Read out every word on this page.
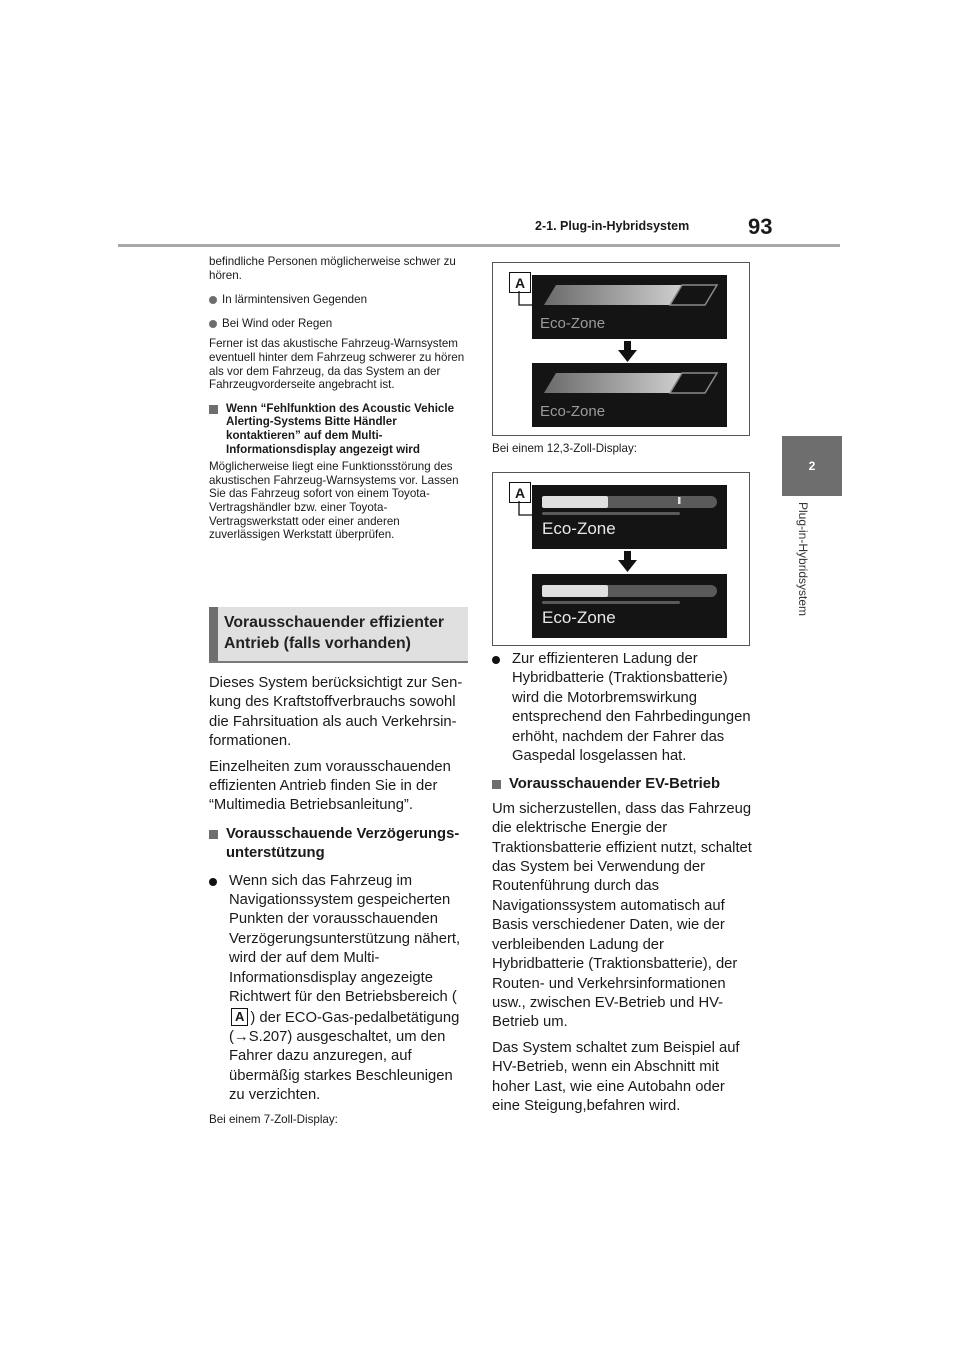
2-1. Plug-in-Hybridsystem	93
2
Plug-in-Hybridsystem

befindliche Personen möglicherweise schwer zu hören.

In lärmintensiven Gegenden
Bei Wind oder Regen

Ferner ist das akustische Fahrzeug-Warnsystem eventuell hinter dem Fahrzeug schwerer zu hören als vor dem Fahrzeug, da das System an der Fahrzeugvorderseite angebracht ist.

Wenn “Fehlfunktion des Acoustic Vehicle Alerting-Systems Bitte Händler kontaktieren” auf dem Multi-Informationsdisplay angezeigt wird

Möglicherweise liegt eine Funktionsstörung des akustischen Fahrzeug-Warnsystems vor. Lassen Sie das Fahrzeug sofort von einem Toyota-Vertragshändler bzw. einer Toyota-Vertragswerkstatt oder einer anderen zuverlässigen Werkstatt überprüfen.

Vorausschauender effizienter Antrieb (falls vorhanden)

Dieses System berücksichtigt zur Sen-kung des Kraftstoffverbrauchs sowohl die Fahrsituation als auch Verkehrsin-formationen.

Einzelheiten zum vorausschauenden effizienten Antrieb finden Sie in der “Multimedia Betriebsanleitung”.

Vorausschauende Verzögerungs-unterstützung
Wenn sich das Fahrzeug im Navigationssystem gespeicherten Punkten der vorausschauenden Verzögerungsunterstützung nähert, wird der auf dem Multi-Informationsdisplay angezeigte Richtwert für den Betriebsbereich (A ) der ECO-Gas-pedalbetätigung (→S.207) ausgeschaltet, um den Fahrer dazu anzuregen, auf übermäßig starkes Beschleunigen zu verzichten.

Bei einem 7-Zoll-Display:

A
Eco-Zone
Eco-Zone

Bei einem 12,3-Zoll-Display:

A
Eco-Zone
Eco-Zone
Zur effizienteren Ladung der Hybridbatterie (Traktionsbatterie) wird die Motorbremswirkung entsprechend den Fahrbedingungen erhöht, nachdem der Fahrer das Gaspedal losgelassen hat.
Vorausschauender EV-Betrieb

Um sicherzustellen, dass das Fahrzeug die elektrische Energie der Traktionsbatterie effizient nutzt, schaltet das System bei Verwendung der Routenführung durch das Navigationssystem automatisch auf Basis verschiedener Daten, wie der verbleibenden Ladung der Hybridbatterie (Traktionsbatterie), der Routen- und Verkehrsinformationen usw., zwischen EV-Betrieb und HV-Betrieb um.

Das System schaltet zum Beispiel auf HV-Betrieb, wenn ein Abschnitt mit hoher Last, wie eine Autobahn oder eine Steigung,befahren wird.
